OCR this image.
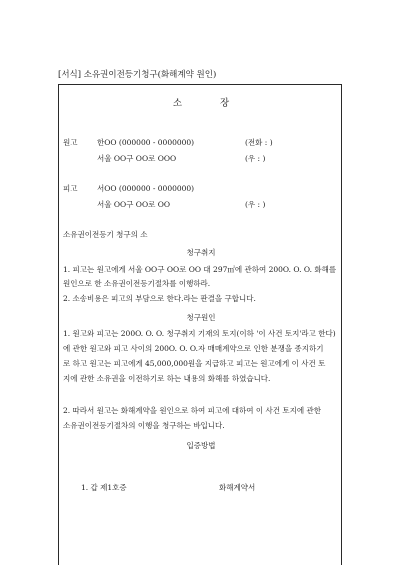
[서식] 소유권이전등기청구(화해계약 원인)
소장
원고	한OO (000000 - 0000000)	(전화 : )
서울 OO구 OO로 OOO	(우 : )
피고	서OO (000000 - 0000000)
서울 OO구 OO로 OO	(우 : )
소유권이전등기 청구의 소
청구취지
1. 피고는 원고에게 서울 OO구 OO로 OO 대 297㎡에 관하여 200O. O. O. 화해를
원인으로 한 소유권이전등기절차를 이행하라.
2. 소송비용은 피고의 부담으로 한다.라는 판결을 구합니다.
청구원인
1. 원고와 피고는 200O. O. O. 청구취지 기재의 토지(이하 '이 사건 토지'라고 한다)
에 관한 원고와 피고 사이의 200O. O. O.자 매매계약으로 인한 분쟁을 종지하기
로 하고 원고는 피고에게 45,000,000원을 지급하고 피고는 원고에게 이 사건 토
지에 관한 소유권을 이전하기로 하는 내용의 화해를 하였습니다.
2. 따라서 원고는 화해계약을 원인으로 하여 피고에 대하여 이 사건 토지에 관한
소유권이전등기절차의 이행을 청구하는 바입니다.
입증방법
1. 갑 제1호증	화해계약서
